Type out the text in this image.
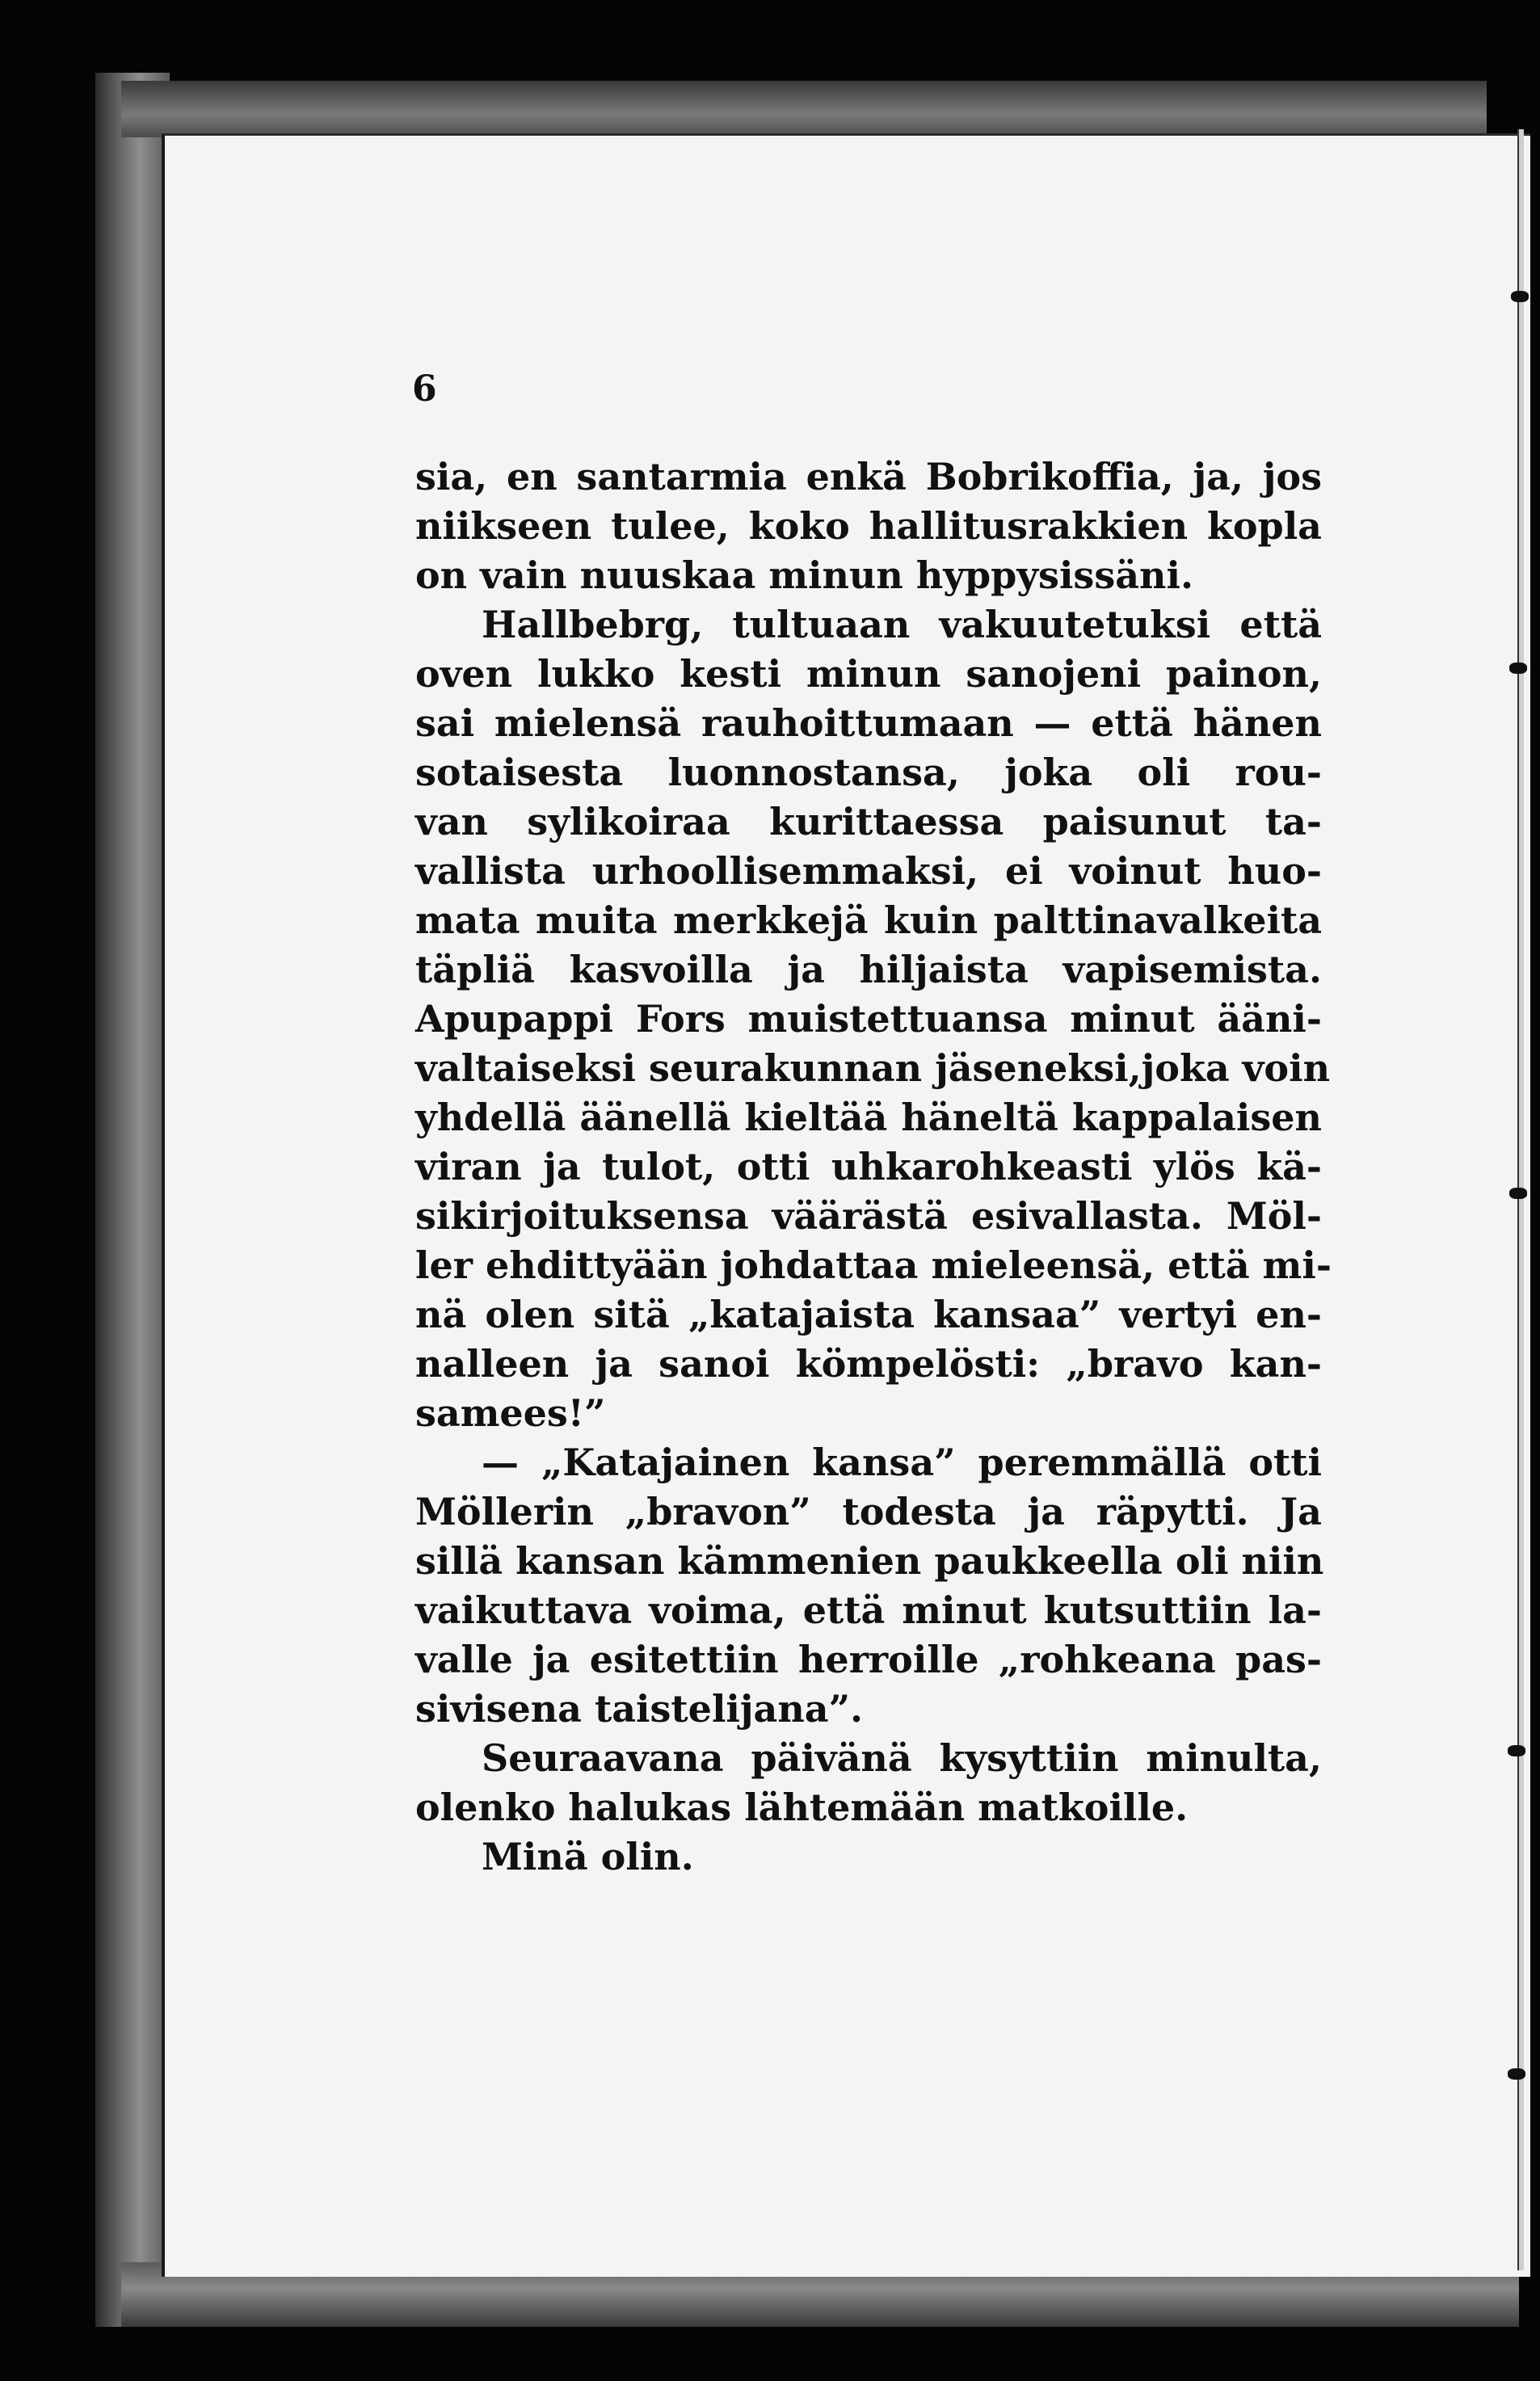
6
sia, en santarmia enkä Bobrikoffia, ja, jos
niikseen tulee, koko hallitusrakkien kopla
on vain nuuskaa minun hyppysissäni.
Hallbebrg, tultuaan vakuutetuksi että
oven lukko kesti minun sanojeni painon,
sai mielensä rauhoittumaan — että hänen
sotaisesta luonnostansa, joka oli rou-
van sylikoiraa kurittaessa paisunut ta-
vallista urhoollisemmaksi, ei voinut huo-
mata muita merkkejä kuin palttinavalkeita
täpliä kasvoilla ja hiljaista vapisemista.
Apupappi Fors muistettuansa minut ääni-
valtaiseksi seurakunnan jäseneksi,joka voin
yhdellä äänellä kieltää häneltä kappalaisen
viran ja tulot, otti uhkarohkeasti ylös kä-
sikirjoituksensa väärästä esivallasta. Möl-
ler ehdittyään johdattaa mieleensä, että mi-
nä olen sitä „katajaista kansaa” vertyi en-
nalleen ja sanoi kömpelösti: „bravo kan-
samees!”
— „Katajainen kansa” peremmällä otti
Möllerin „bravon” todesta ja räpytti. Ja
sillä kansan kämmenien paukkeella oli niin
vaikuttava voima, että minut kutsuttiin la-
valle ja esitettiin herroille „rohkeana pas-
sivisena taistelijana”.
Seuraavana päivänä kysyttiin minulta,
olenko halukas lähtemään matkoille.
Minä olin.
